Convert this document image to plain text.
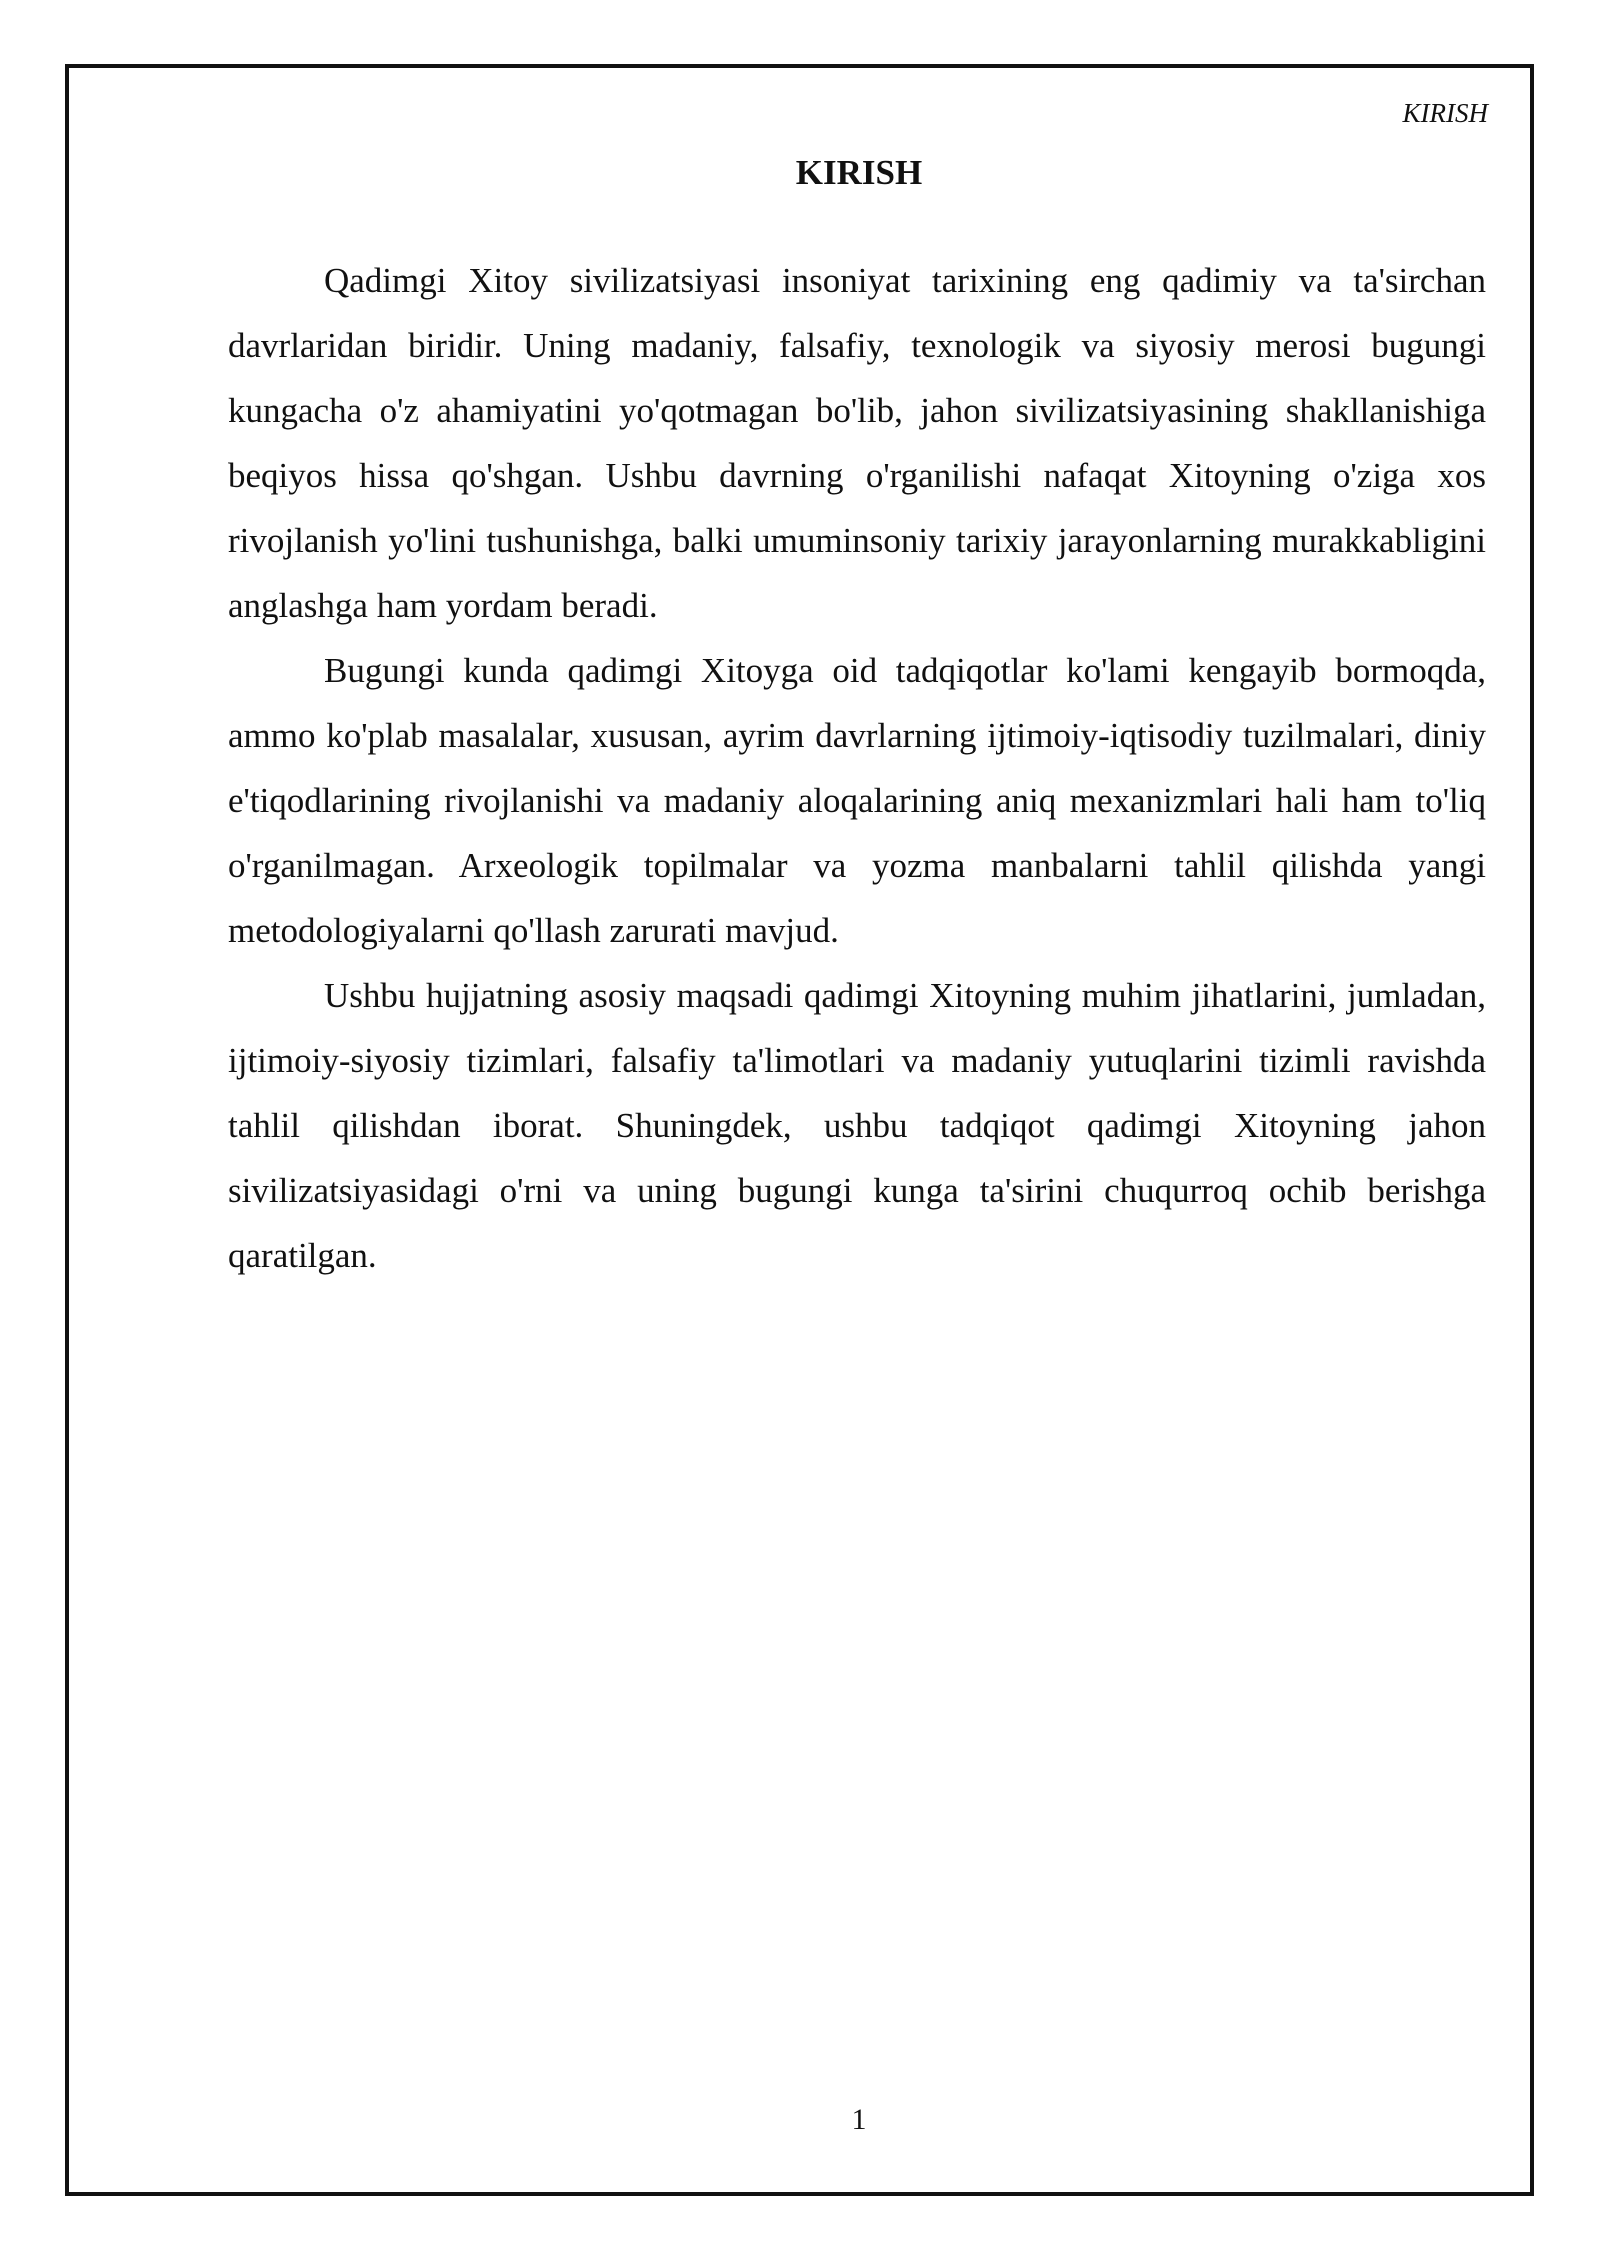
KIRISH
KIRISH

Qadimgi Xitoy sivilizatsiyasi insoniyat tarixining eng qadimiy va ta'sirchan davrlaridan biridir. Uning madaniy, falsafiy, texnologik va siyosiy merosi bugungi kungacha o'z ahamiyatini yo'qotmagan bo'lib, jahon sivilizatsiyasining shakllanishiga beqiyos hissa qo'shgan. Ushbu davrning o'rganilishi nafaqat Xitoyning o'ziga xos rivojlanish yo'lini tushunishga, balki umuminsoniy tarixiy jarayonlarning murakkabligini anglashga ham yordam beradi.

Bugungi kunda qadimgi Xitoyga oid tadqiqotlar ko'lami kengayib bormoqda, ammo ko'plab masalalar, xususan, ayrim davrlarning ijtimoiy-iqtisodiy tuzilmalari, diniy e'tiqodlarining rivojlanishi va madaniy aloqalarining aniq mexanizmlari hali ham to'liq o'rganilmagan. Arxeologik topilmalar va yozma manbalarni tahlil qilishda yangi metodologiyalarni qo'llash zarurati mavjud.

Ushbu hujjatning asosiy maqsadi qadimgi Xitoyning muhim jihatlarini, jumladan, ijtimoiy-siyosiy tizimlari, falsafiy ta'limotlari va madaniy yutuqlarini tizimli ravishda tahlil qilishdan iborat. Shuningdek, ushbu tadqiqot qadimgi Xitoyning jahon sivilizatsiyasidagi o'rni va uning bugungi kunga ta'sirini chuqurroq ochib berishga qaratilgan.

1
